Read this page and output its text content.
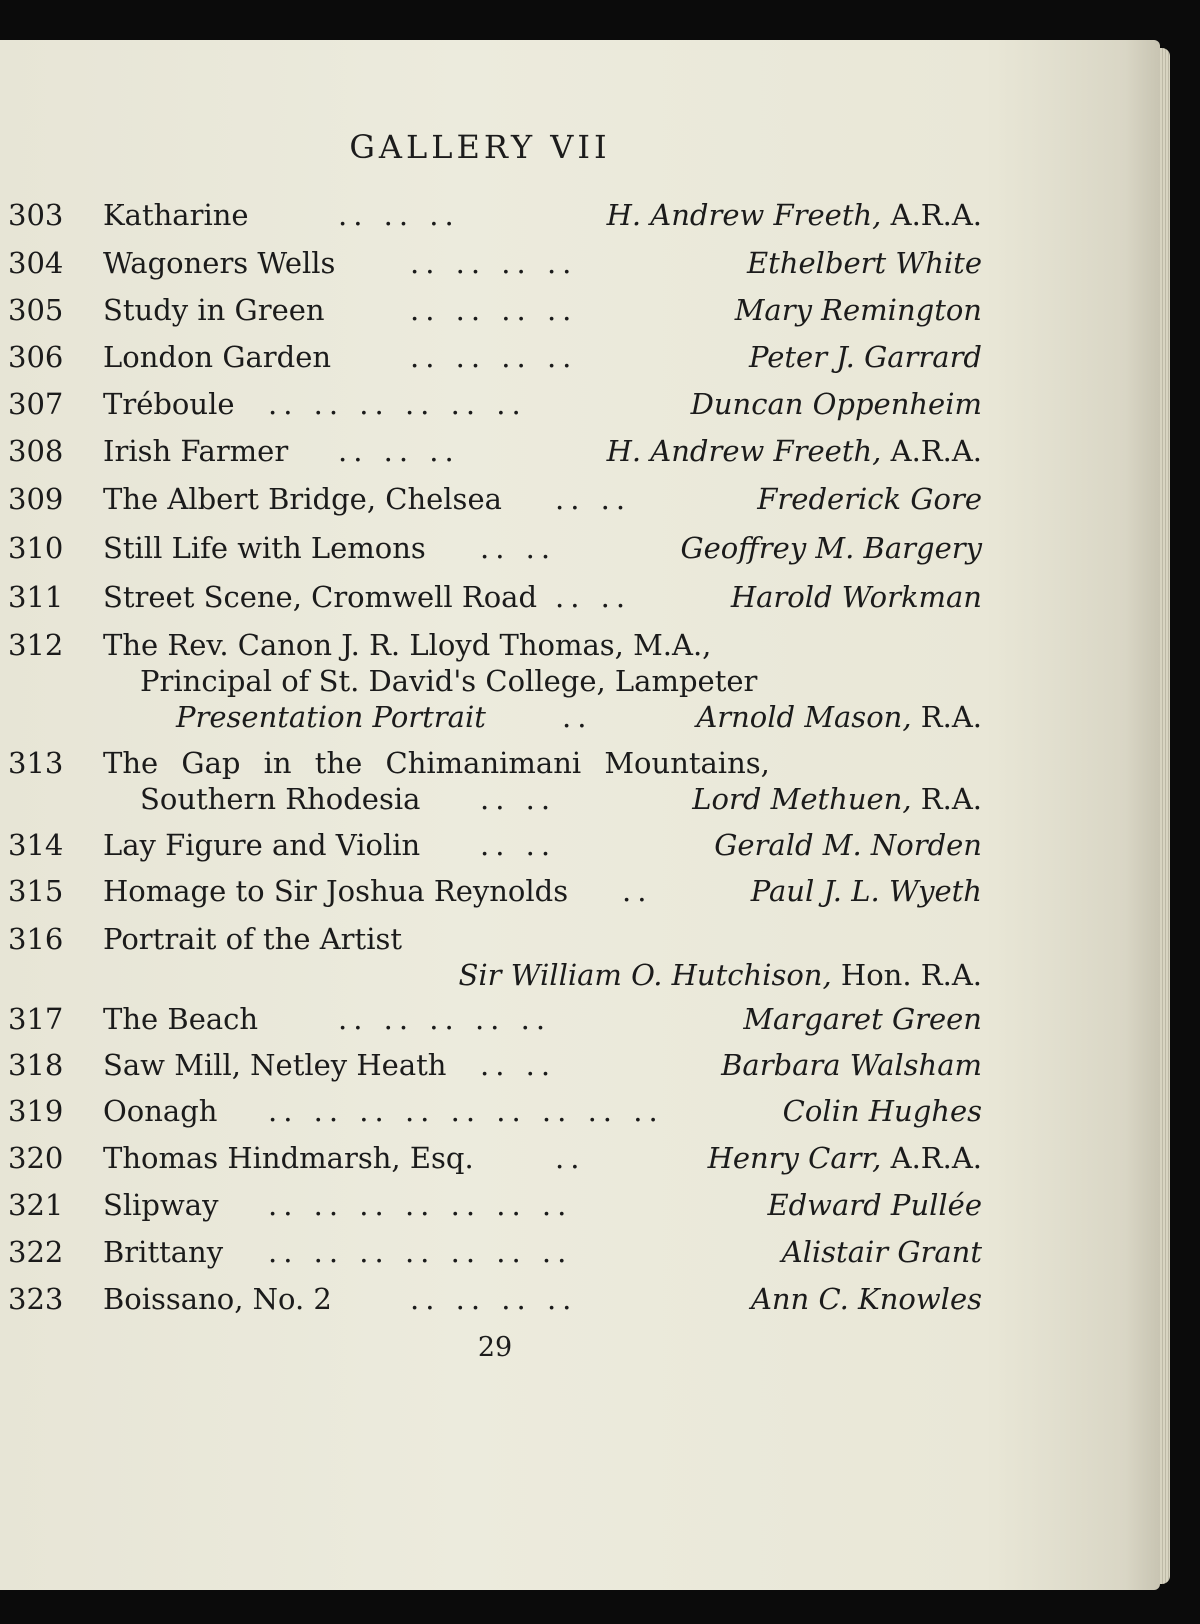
GALLERY VII
303	Katharine	.. .. ..	H. Andrew Freeth, A.R.A.
304	Wagoners Wells	.. .. .. ..	Ethelbert White
305	Study in Green	.. .. .. ..	Mary Remington
306	London Garden	.. .. .. ..	Peter J. Garrard
307	Tréboule .. .. .. .. .. ..	Duncan Oppenheim
308	Irish Farmer .. .. ..	H. Andrew Freeth, A.R.A.
309	The Albert Bridge, Chelsea .. ..	Frederick Gore
310	Still Life with Lemons .. ..	Geoffrey M. Bargery
311	Street Scene, Cromwell Road .. ..	Harold Workman
312	The Rev. Canon J. R. Lloyd Thomas, M.A.,
Principal of St. David's College, Lampeter
Presentation Portrait	..	Arnold Mason, R.A.
313	The Gap in the Chimanimani Mountains,
Southern Rhodesia .. ..	Lord Methuen, R.A.
314	Lay Figure and Violin .. ..	Gerald M. Norden
315	Homage to Sir Joshua Reynolds ..	Paul J. L. Wyeth
316	Portrait of the Artist
Sir William O. Hutchison, Hon. R.A.
317	The Beach	.. .. .. .. ..	Margaret Green
318	Saw Mill, Netley Heath .. ..	Barbara Walsham
319	Oonagh .. .. .. .. .. .. .. .. ..	Colin Hughes
320	Thomas Hindmarsh, Esq.	..	Henry Carr, A.R.A.
321	Slipway .. .. .. .. .. .. ..	Edward Pullée
322	Brittany .. .. .. .. .. .. ..	Alistair Grant
323	Boissano, No. 2	.. .. .. ..	Ann C. Knowles
29
